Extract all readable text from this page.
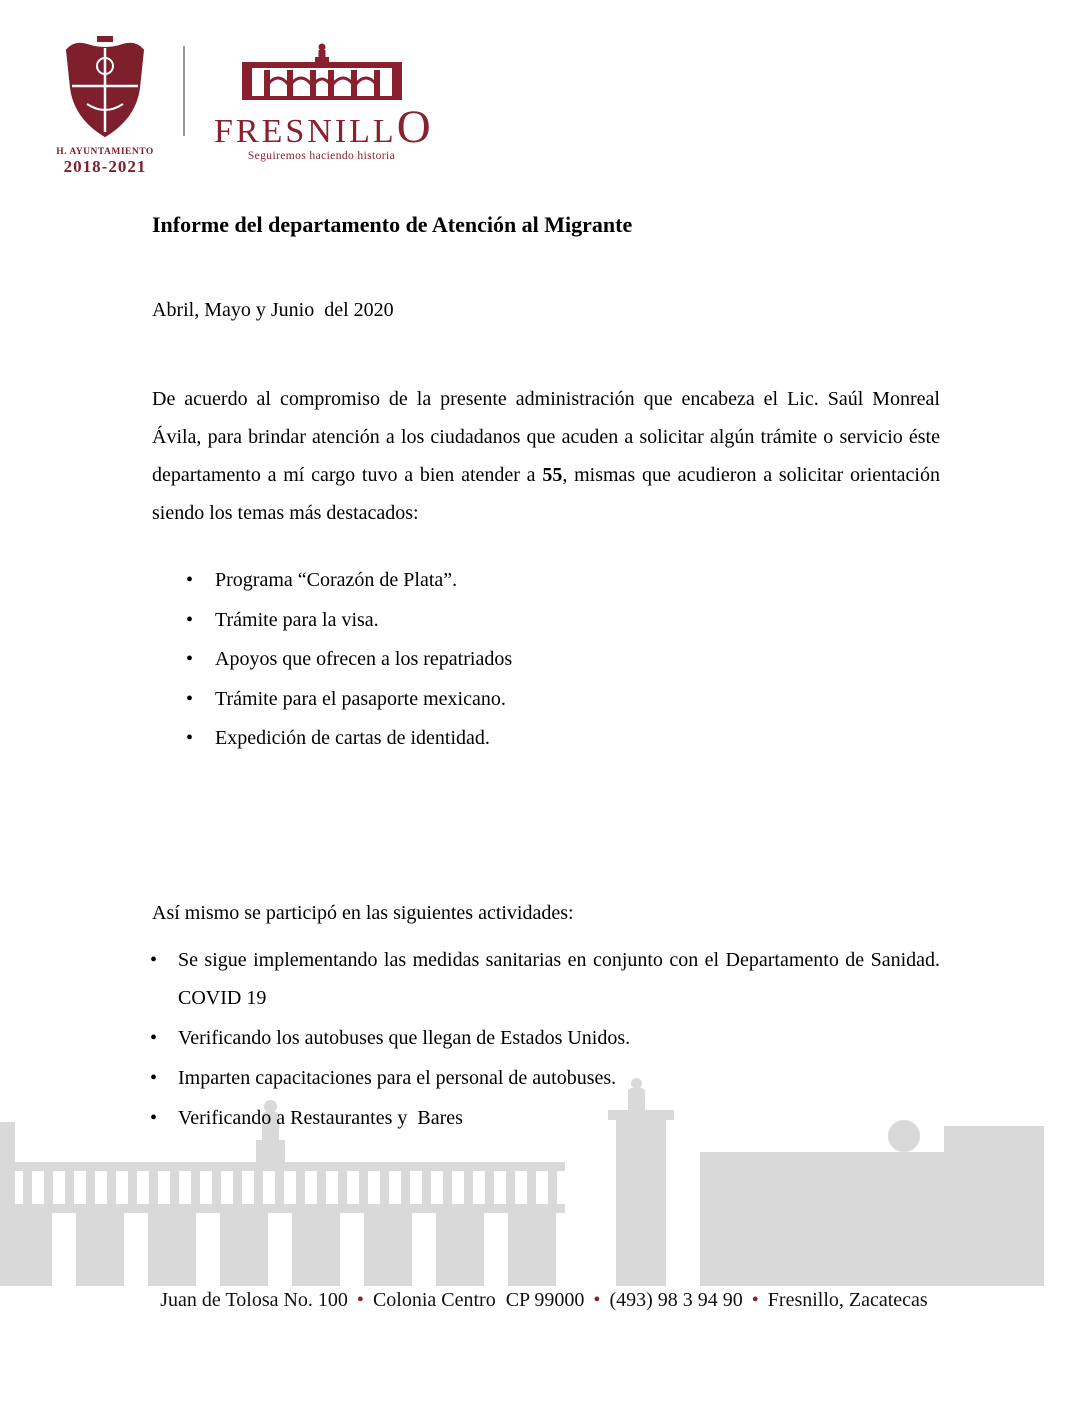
H. AYUNTAMIENTO
2018-2021
FRESNILLO
Seguiremos haciendo historia
Informe del departamento de Atención al Migrante
Abril, Mayo y Junio  del 2020
De acuerdo al compromiso de la presente administración que encabeza el Lic. Saúl Monreal Ávila, para brindar atención a los ciudadanos que acuden a solicitar algún trámite o servicio éste departamento a mí cargo tuvo a bien atender a 55, mismas que acudieron a solicitar orientación siendo los temas más destacados:
•	Programa “Corazón de Plata”.
•	Trámite para la visa.
•	Apoyos que ofrecen a los repatriados
•	Trámite para el pasaporte mexicano.
•	Expedición de cartas de identidad.
Así mismo se participó en las siguientes actividades:
•	Se sigue implementando las medidas sanitarias en conjunto con el Departamento de Sanidad. COVID 19
•	Verificando los autobuses que llegan de Estados Unidos.
•	Imparten capacitaciones para el personal de autobuses.
•	Verificando a Restaurantes y  Bares
Juan de Tolosa No. 100 • Colonia Centro  CP 99000 • (493) 98 3 94 90 • Fresnillo, Zacatecas
